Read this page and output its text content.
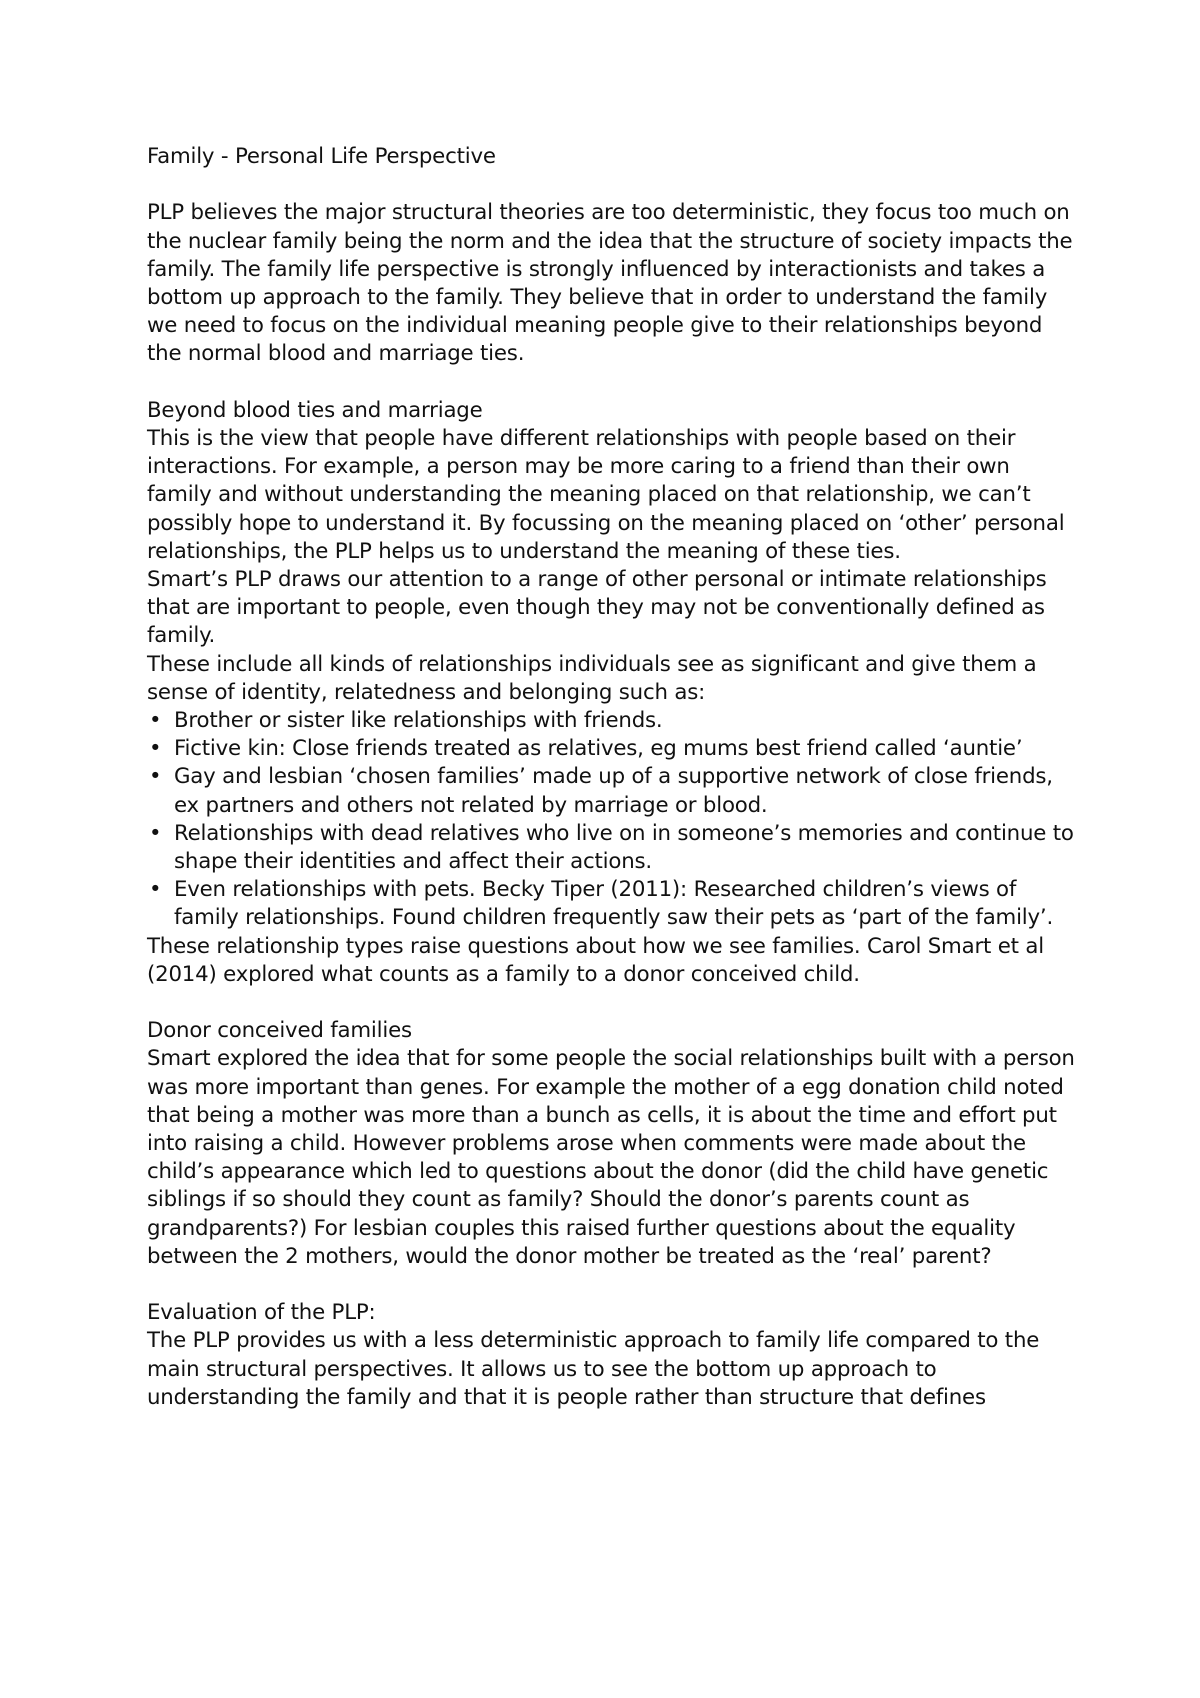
Family - Personal Life Perspective

PLP believes the major structural theories are too deterministic, they focus too much on the nuclear family being the norm and the idea that the structure of society impacts the family. The family life perspective is strongly influenced by interactionists and takes a bottom up approach to the family. They believe that in order to understand the family we need to focus on the individual meaning people give to their relationships beyond the normal blood and marriage ties.

Beyond blood ties and marriage

This is the view that people have different relationships with people based on their interactions. For example, a person may be more caring to a friend than their own family and without understanding the meaning placed on that relationship, we can’t possibly hope to understand it. By focussing on the meaning placed on ‘other’ personal relationships, the PLP helps us to understand the meaning of these ties.

Smart’s PLP draws our attention to a range of other personal or intimate relationships that are important to people, even though they may not be conventionally defined as family.

These include all kinds of relationships individuals see as significant and give them a sense of identity, relatedness and belonging such as:

• Brother or sister like relationships with friends.
• Fictive kin: Close friends treated as relatives, eg mums best friend called ‘auntie’
• Gay and lesbian ‘chosen families’ made up of a supportive network of close friends, ex partners and others not related by marriage or blood.
• Relationships with dead relatives who live on in someone’s memories and continue to shape their identities and affect their actions.
• Even relationships with pets. Becky Tiper (2011): Researched children’s views of family relationships. Found children frequently saw their pets as ‘part of the family’.

These relationship types raise questions about how we see families. Carol Smart et al (2014) explored what counts as a family to a donor conceived child.

Donor conceived families

Smart explored the idea that for some people the social relationships built with a person was more important than genes. For example the mother of a egg donation child noted that being a mother was more than a bunch as cells, it is about the time and effort put into raising a child. However problems arose when comments were made about the child’s appearance which led to questions about the donor (did the child have genetic siblings if so should they count as family? Should the donor’s parents count as grandparents?) For lesbian couples this raised further questions about the equality between the 2 mothers, would the donor mother be treated as the ‘real’ parent?

Evaluation of the PLP:

The PLP provides us with a less deterministic approach to family life compared to the main structural perspectives. It allows us to see the bottom up approach to understanding the family and that it is people rather than structure that defines
